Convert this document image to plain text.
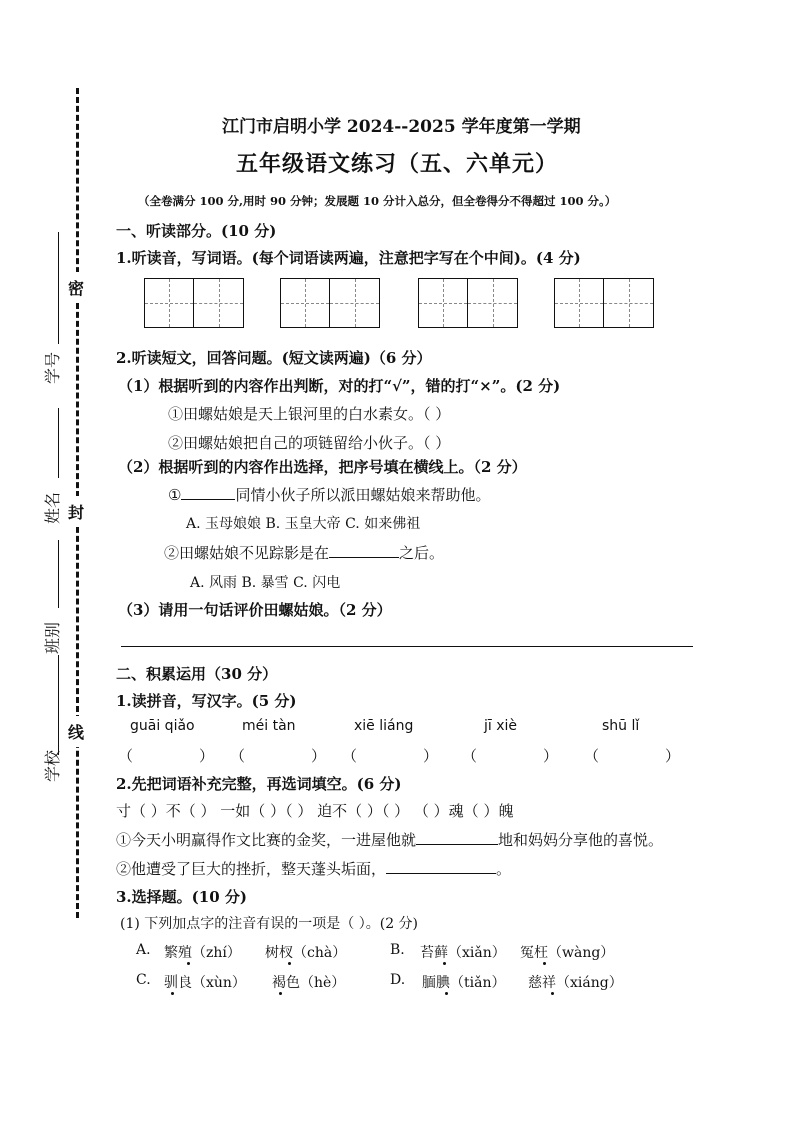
密
封
线
学号
姓名
班别
学校
江门市启明小学 2024--2025 学年度第一学期
五年级语文练习（五、六单元）
（全卷满分 100 分,用时 90 分钟；发展题 10 分计入总分，但全卷得分不得超过 100 分。）
一、听读部分。(10 分)
1.听读音，写词语。(每个词语读两遍，注意把字写在个中间)。(4 分)
2.听读短文，回答问题。(短文读两遍)（6 分）
（1）根据听到的内容作出判断，对的打“√”，错的打“×”。(2 分)
①田螺姑娘是天上银河里的白水素女。（ ）
②田螺姑娘把自己的项链留给小伙子。（ ）
（2）根据听到的内容作出选择，把序号填在横线上。（2 分）
①	同情小伙子所以派田螺姑娘来帮助他。
A. 玉母娘娘 B. 玉皇大帝 C. 如来佛祖
②田螺姑娘不见踪影是在	之后。
A. 风雨 B. 暴雪 C. 闪电
（3）请用一句话评价田螺姑娘。（2 分）
二、积累运用（30 分）
1.读拼音，写汉字。(5 分)
guāi qiǎo	méi tàn	xiē liáng	jī xiè	shū lǐ
（	） （	） （	） （	） （	）
2.先把词语补充完整，再选词填空。(6 分)
寸（ ）不（ ） 一如（ ）（ ） 迫不（ ）（ ） （ ）魂（ ）魄
①今天小明赢得作文比赛的金奖，一进屋他就	地和妈妈分享他的喜悦。
②他遭受了巨大的挫折，整天蓬头垢面，	。
3.选择题。(10 分)
(1) 下列加点字的注音有误的一项是（ ）。(2 分)
A. 繁殖（zhí） 树杈（chà）	B. 苔藓（xiǎn） 冤枉（wàng）
C. 驯良（xùn） 褐色（hè）	D. 腼腆（tiǎn） 慈祥（xiáng）
